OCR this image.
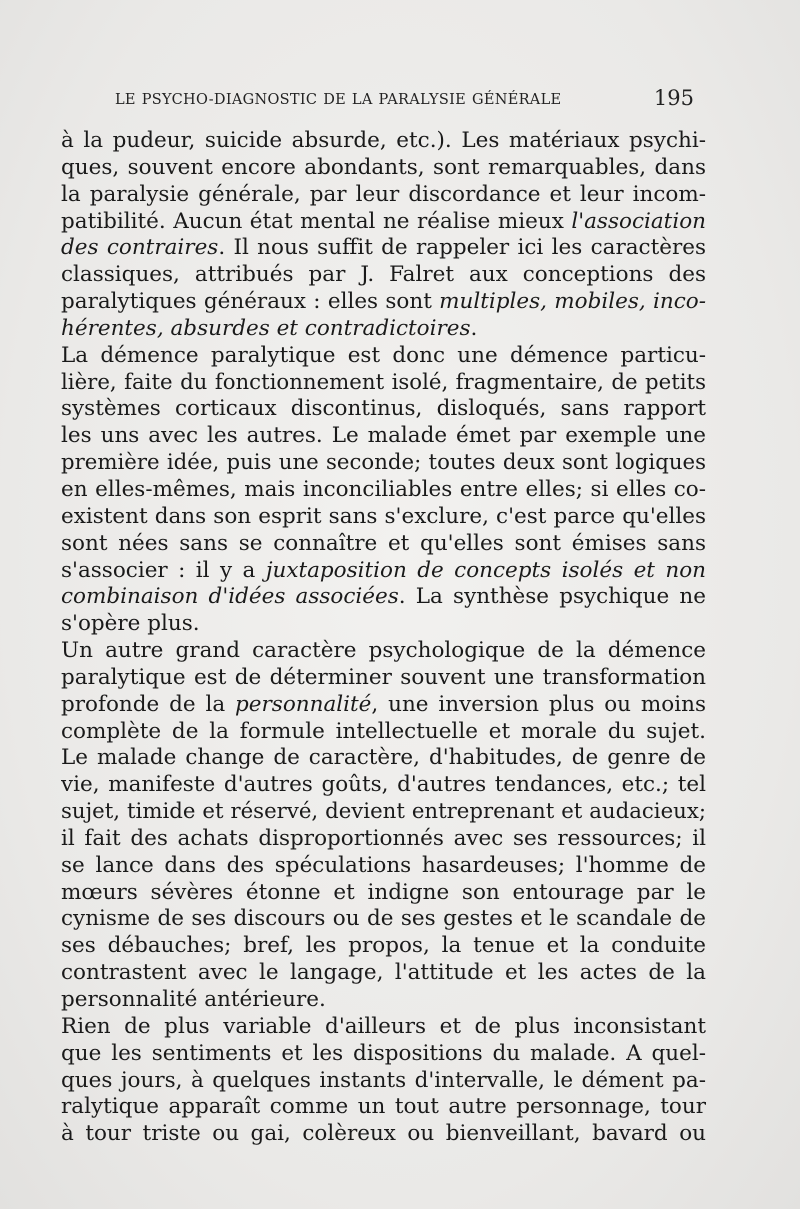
LE PSYCHO-DIAGNOSTIC DE LA PARALYSIE GÉNÉRALE	195
à la pudeur, suicide absurde, etc.). Les matériaux psychi-
ques, souvent encore abondants, sont remarquables, dans
la paralysie générale, par leur discordance et leur incom-
patibilité. Aucun état mental ne réalise mieux l'association
des contraires. Il nous suffit de rappeler ici les caractères
classiques, attribués par J. Falret aux conceptions des
paralytiques généraux : elles sont multiples, mobiles, inco-
hérentes, absurdes et contradictoires.
La démence paralytique est donc une démence particu-
lière, faite du fonctionnement isolé, fragmentaire, de petits
systèmes corticaux discontinus, disloqués, sans rapport
les uns avec les autres. Le malade émet par exemple une
première idée, puis une seconde; toutes deux sont logiques
en elles-mêmes, mais inconciliables entre elles; si elles co-
existent dans son esprit sans s'exclure, c'est parce qu'elles
sont nées sans se connaître et qu'elles sont émises sans
s'associer : il y a juxtaposition de concepts isolés et non
combinaison d'idées associées. La synthèse psychique ne
s'opère plus.
Un autre grand caractère psychologique de la démence
paralytique est de déterminer souvent une transformation
profonde de la personnalité, une inversion plus ou moins
complète de la formule intellectuelle et morale du sujet.
Le malade change de caractère, d'habitudes, de genre de
vie, manifeste d'autres goûts, d'autres tendances, etc.; tel
sujet, timide et réservé, devient entreprenant et audacieux;
il fait des achats disproportionnés avec ses ressources; il
se lance dans des spéculations hasardeuses; l'homme de
mœurs sévères étonne et indigne son entourage par le
cynisme de ses discours ou de ses gestes et le scandale de
ses débauches; bref, les propos, la tenue et la conduite
contrastent avec le langage, l'attitude et les actes de la
personnalité antérieure.
Rien de plus variable d'ailleurs et de plus inconsistant
que les sentiments et les dispositions du malade. A quel-
ques jours, à quelques instants d'intervalle, le dément pa-
ralytique apparaît comme un tout autre personnage, tour
à tour triste ou gai, colèreux ou bienveillant, bavard ou
